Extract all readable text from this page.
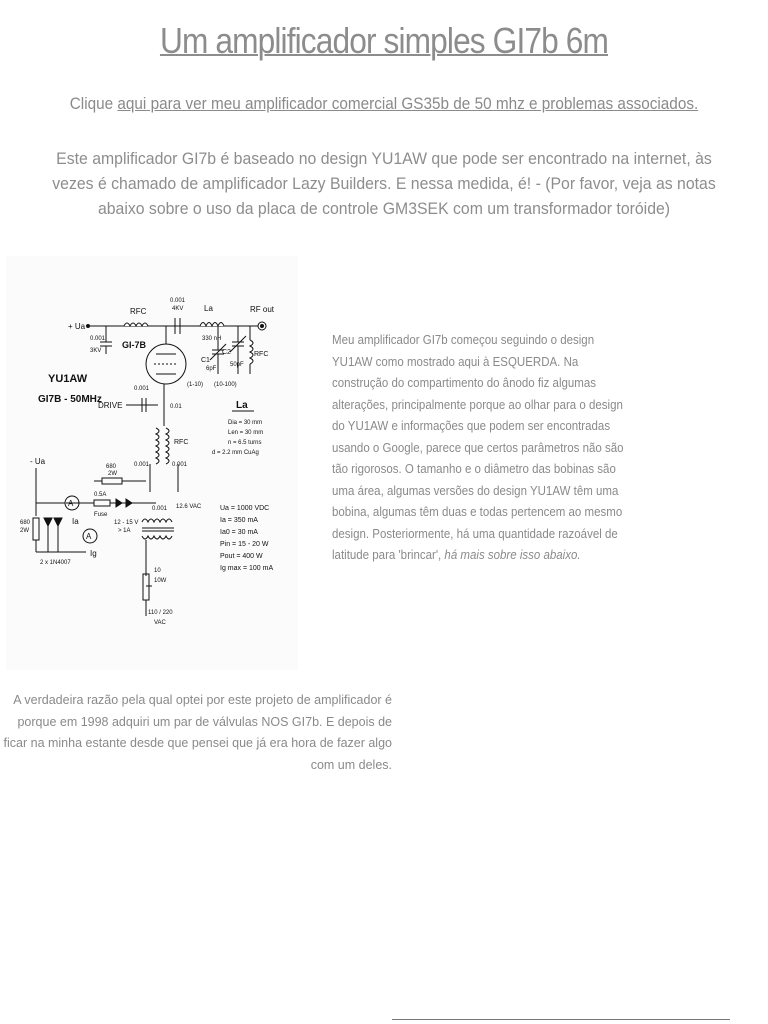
Um amplificador simples GI7b 6m
Clique aqui para ver meu amplificador comercial GS35b de 50 mhz e problemas associados.
Este amplificador GI7b é baseado no design YU1AW que pode ser encontrado na internet, às vezes é chamado de amplificador Lazy Builders. E nessa medida, é! - (Por favor, veja as notas abaixo sobre o uso da placa de controle GM3SEK com um transformador toróide)
+ Ua
RFC
0.001
4KV	La
330 nH
RF out
0.001
3KV
GI-7B
C1
6pF
(1-10)
C2
50pF
(10-100)
RFC
YU1AW
GI7B - 50MHz
0.001
DRIVE	0.01	La
Dia = 30 mm
Len = 30 mm
n = 6.5 turns
d = 2.2 mm CuAg
RFC
0.001	0.001
- Ua
680
2W
0.5A
Fuse
12 - 15 V
> 1A
A
Ia
A
Ig
680
2W
2 x 1N4007
12.6 VAC
0.001	Ua = 1000 VDC
Ia = 350 mA
Ia0 = 30 mA
Pin = 15 - 20 W
Pout = 400 W
Ig max = 100 mA
10
10W
110 / 220
VAC
Meu amplificador GI7b começou seguindo o design YU1AW como mostrado aqui à ESQUERDA. Na construção do compartimento do ânodo fiz algumas alterações, principalmente porque ao olhar para o design do YU1AW e informações que podem ser encontradas usando o Google, parece que certos parâmetros não são tão rigorosos. O tamanho e o diâmetro das bobinas são uma área, algumas versões do design YU1AW têm uma bobina, algumas têm duas e todas pertencem ao mesmo design. Posteriormente, há uma quantidade razoável de latitude para 'brincar', há mais sobre isso abaixo.
A verdadeira razão pela qual optei por este projeto de amplificador é porque em 1998 adquiri um par de válvulas NOS GI7b. E depois de ficar na minha estante desde que pensei que já era hora de fazer algo com um deles.
